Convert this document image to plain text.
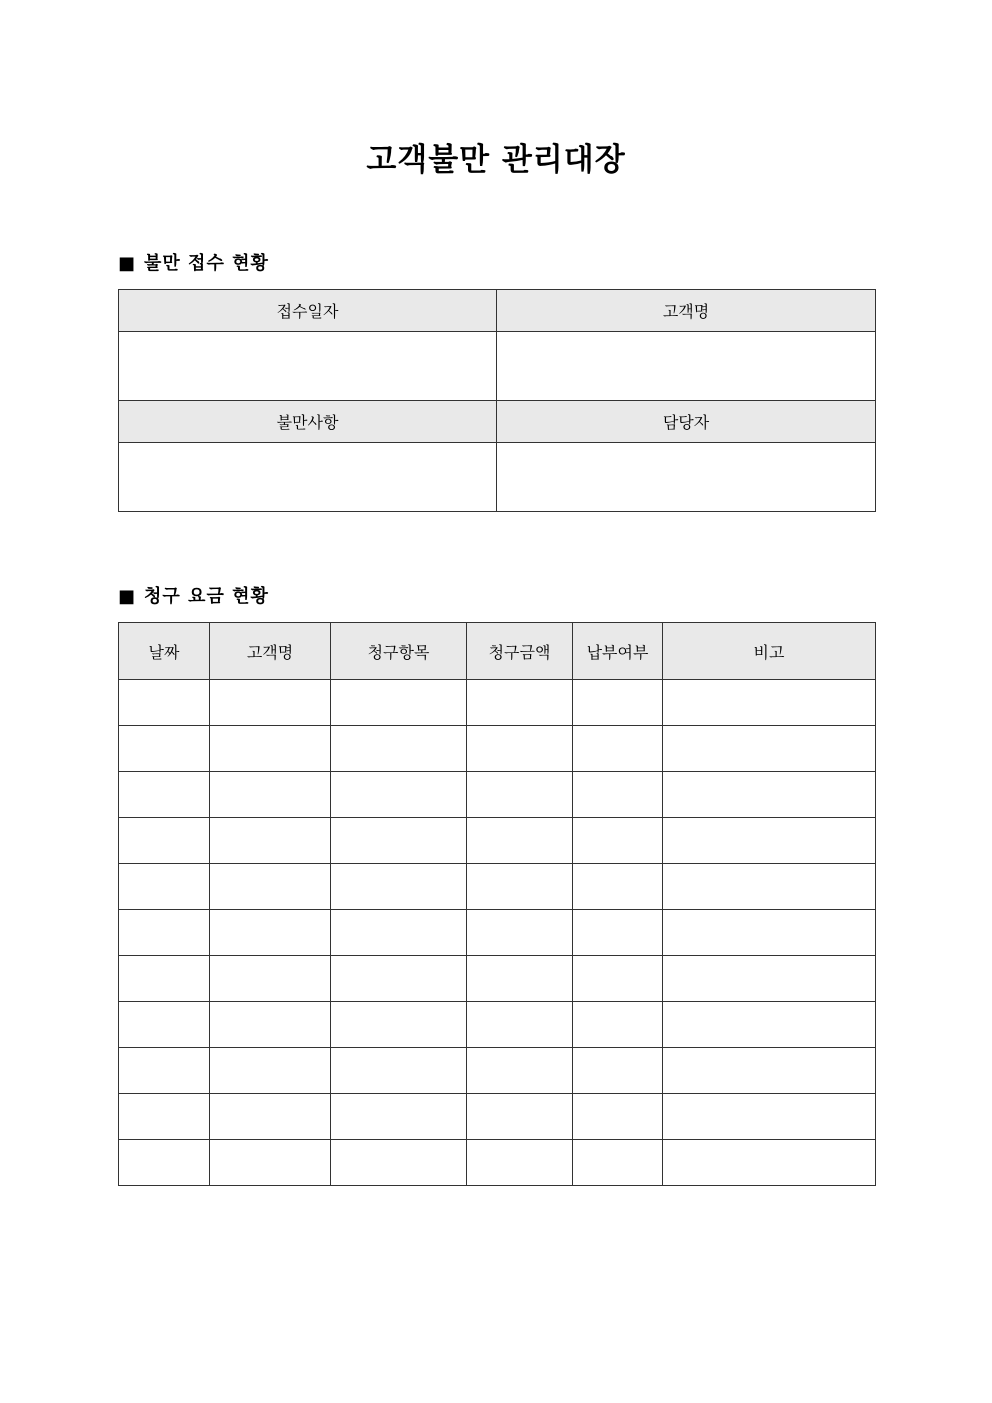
고객불만 관리대장
■ 불만 접수 현황
접수일자	고객명

불만사항	담당자

■ 청구 요금 현황
날짜	고객명	청구항목	청구금액	납부여부	비고
